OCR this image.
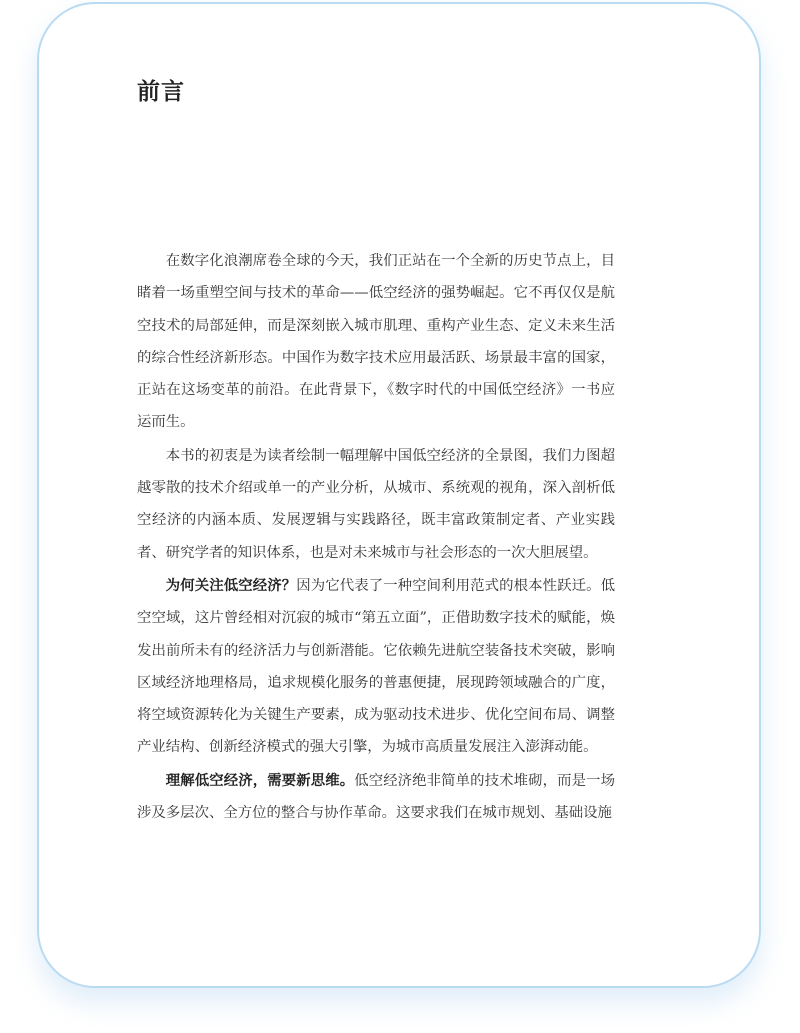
前言

在数字化浪潮席卷全球的今天，我们正站在一个全新的历史节点上，目睹着一场重塑空间与技术的革命——低空经济的强势崛起。它不再仅仅是航空技术的局部延伸，而是深刻嵌入城市肌理、重构产业生态、定义未来生活的综合性经济新形态。中国作为数字技术应用最活跃、场景最丰富的国家，正站在这场变革的前沿。在此背景下，《数字时代的中国低空经济》一书应运而生。

本书的初衷是为读者绘制一幅理解中国低空经济的全景图，我们力图超越零散的技术介绍或单一的产业分析，从城市、系统观的视角，深入剖析低空经济的内涵本质、发展逻辑与实践路径，既丰富政策制定者、产业实践者、研究学者的知识体系，也是对未来城市与社会形态的一次大胆展望。

为何关注低空经济？因为它代表了一种空间利用范式的根本性跃迁。低空空域，这片曾经相对沉寂的城市“第五立面”，正借助数字技术的赋能，焕发出前所未有的经济活力与创新潜能。它依赖先进航空装备技术突破，影响区域经济地理格局，追求规模化服务的普惠便捷，展现跨领域融合的广度，将空域资源转化为关键生产要素，成为驱动技术进步、优化空间布局、调整产业结构、创新经济模式的强大引擎，为城市高质量发展注入澎湃动能。

理解低空经济，需要新思维。低空经济绝非简单的技术堆砌，而是一场涉及多层次、全方位的整合与协作革命。这要求我们在城市规划、基础设施
